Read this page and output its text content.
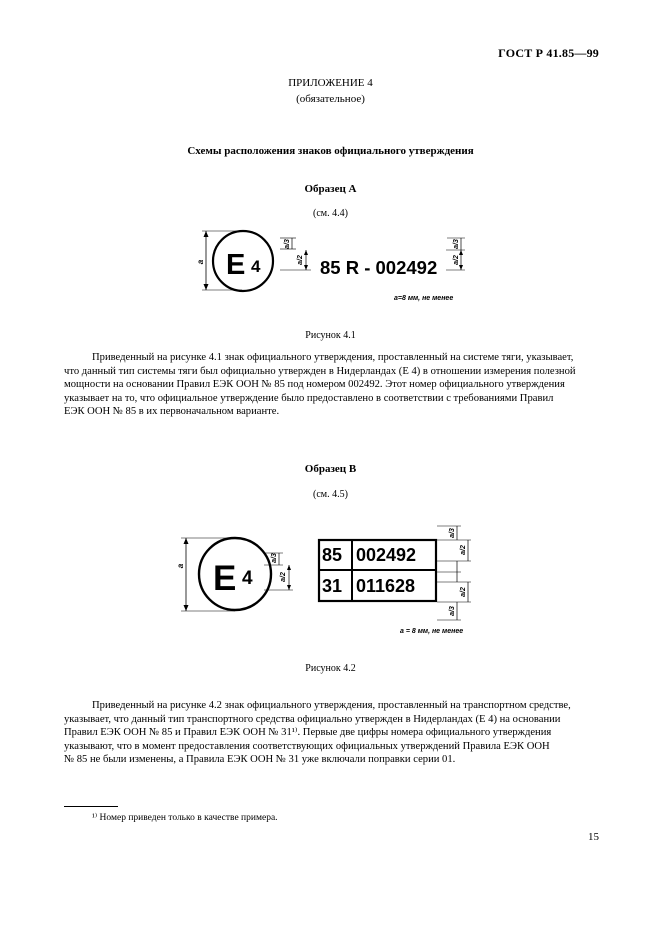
ГОСТ Р 41.85—99
ПРИЛОЖЕНИЕ 4
(обязательное)
Схемы расположения знаков официального утверждения
Образец А
(см. 4.4)
a E 4
a/3
a/2 85 R - 002492
a/3
a/2
a=8 мм, не менее
Рисунок 4.1
Приведенный на рисунке 4.1 знак официального утверждения, проставленный на системе тяги, указывает,
что данный тип системы тяги был официально утвержден в Нидерландах (Е 4) в отношении измерения полезной
мощности на основании Правил ЕЭК ООН № 85 под номером 002492. Этот номер официального утверждения
указывает на то, что официальное утверждение было предоставлено в соответствии с требованиями Правил
ЕЭК ООН № 85 в их первоначальном варианте.
Образец В
(см. 4.5)
a E 4
a/3
a/2
85 002492
31 011628
a/3
a/2
a/2
a/3
a = 8 мм, не менее
Рисунок 4.2
Приведенный на рисунке 4.2 знак официального утверждения, проставленный на транспортном средстве,
указывает, что данный тип транспортного средства официально утвержден в Нидерландах (Е 4) на основании
Правил ЕЭК ООН № 85 и Правил ЕЭК ООН № 31¹⁾. Первые две цифры номера официального утверждения
указывают, что в момент предоставления соответствующих официальных утверждений Правила ЕЭК ООН
№ 85 не были изменены, а Правила ЕЭК ООН № 31 уже включали поправки серии 01.
¹⁾ Номер приведен только в качестве примера.
15
